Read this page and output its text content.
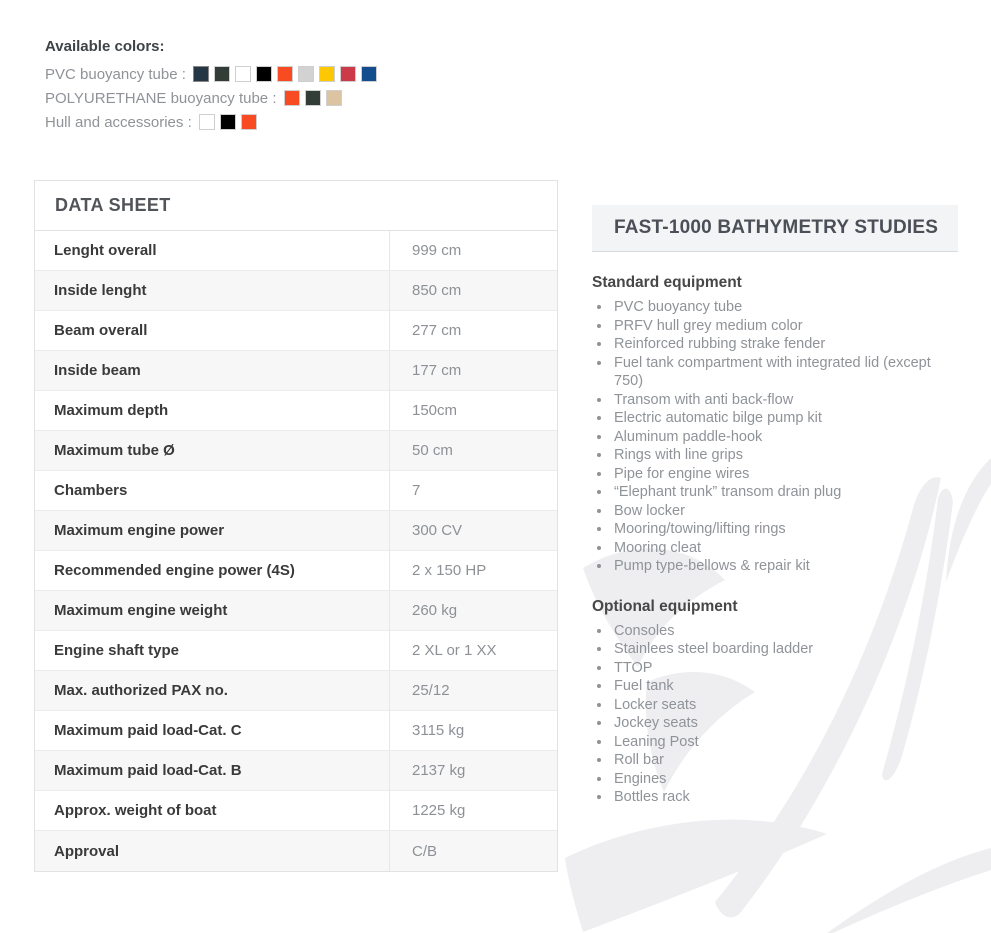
Available colors:
PVC buoyancy tube :
POLYURETHANE buoyancy tube :
Hull and accessories :
DATA SHEET
Lenght overall	999 cm
Inside lenght	850 cm
Beam overall	277 cm
Inside beam	177 cm
Maximum depth	150cm
Maximum tube Ø	50 cm
Chambers	7
Maximum engine power	300 CV
Recommended engine power (4S)	2 x 150 HP
Maximum engine weight	260 kg
Engine shaft type	2 XL or 1 XX
Max. authorized PAX no.	25/12
Maximum paid load-Cat. C	3115 kg
Maximum paid load-Cat. B	2137 kg
Approx. weight of boat	1225 kg
Approval	C/B
FAST-1000 BATHYMETRY STUDIES
Standard equipment
• PVC buoyancy tube
• PRFV hull grey medium color
• Reinforced rubbing strake fender
• Fuel tank compartment with integrated lid (except 750)
• Transom with anti back-flow
• Electric automatic bilge pump kit
• Aluminum paddle-hook
• Rings with line grips
• Pipe for engine wires
• “Elephant trunk” transom drain plug
• Bow locker
• Mooring/towing/lifting rings
• Mooring cleat
• Pump type-bellows & repair kit
Optional equipment
• Consoles
• Stainlees steel boarding ladder
• TTOP
• Fuel tank
• Locker seats
• Jockey seats
• Leaning Post
• Roll bar
• Engines
• Bottles rack
